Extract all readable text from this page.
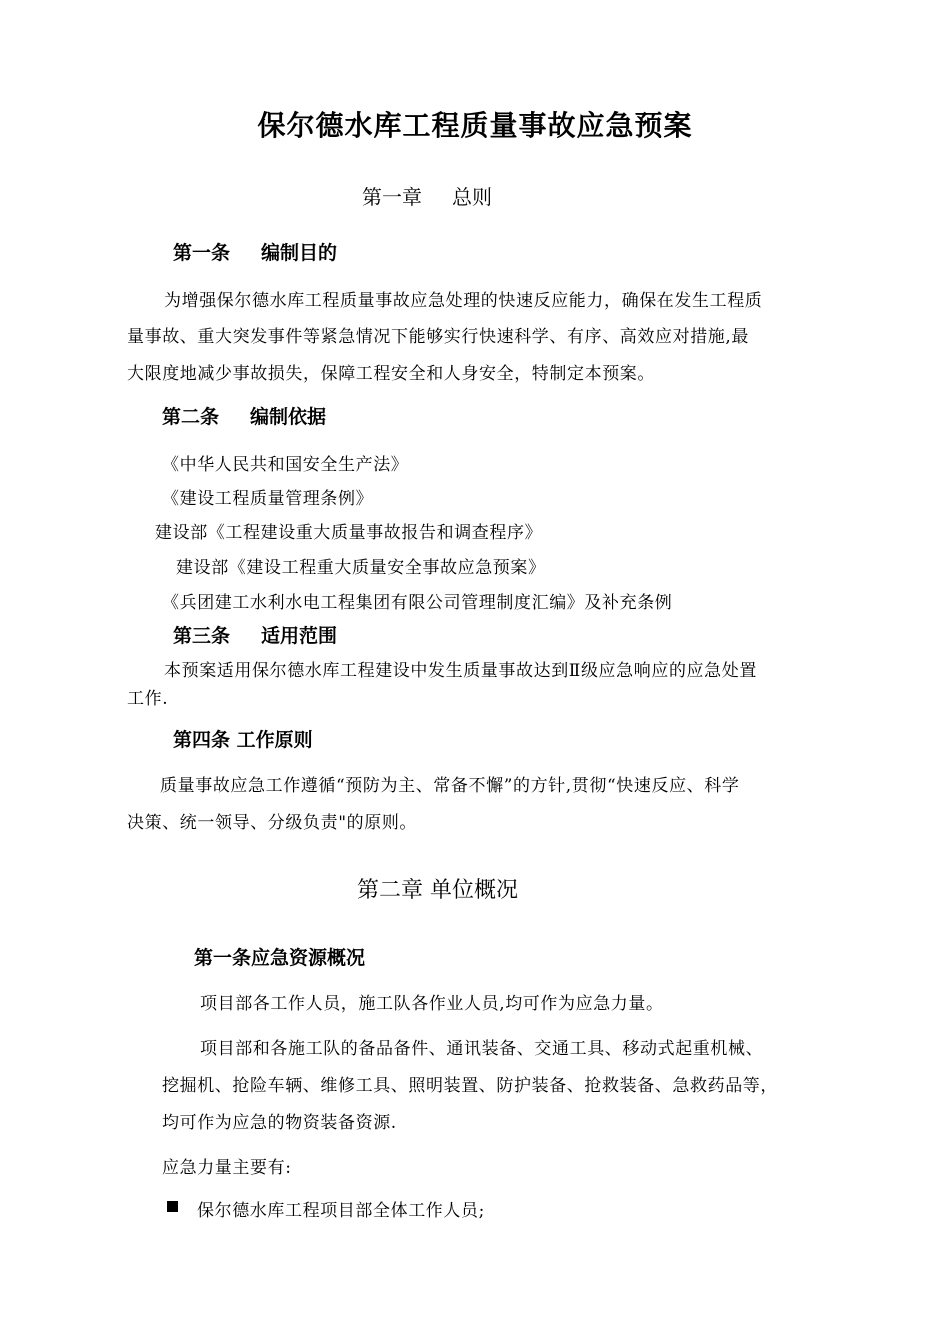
保尔德水库工程质量事故应急预案
第一章 总则
第一条 编制目的
为增强保尔德水库工程质量事故应急处理的快速反应能力，确保在发生工程质
量事故、重大突发事件等紧急情况下能够实行快速科学、有序、高效应对措施,最
大限度地减少事故损失，保障工程安全和人身安全，特制定本预案。
第二条 编制依据
《中华人民共和国安全生产法》
《建设工程质量管理条例》
建设部《工程建设重大质量事故报告和调查程序》
建设部《建设工程重大质量安全事故应急预案》
《兵团建工水利水电工程集团有限公司管理制度汇编》及补充条例
第三条 适用范围
本预案适用保尔德水库工程建设中发生质量事故达到Ⅱ级应急响应的应急处置
工作.
第四条 工作原则
质量事故应急工作遵循“预防为主、常备不懈”的方针,贯彻“快速反应、科学
决策、统一领导、分级负责"的原则。
第二章 单位概况
第一条应急资源概况
项目部各工作人员，施工队各作业人员,均可作为应急力量。
项目部和各施工队的备品备件、通讯装备、交通工具、移动式起重机械、
挖掘机、抢险车辆、维修工具、照明装置、防护装备、抢救装备、急救药品等，
均可作为应急的物资装备资源.
应急力量主要有:
保尔德水库工程项目部全体工作人员;
